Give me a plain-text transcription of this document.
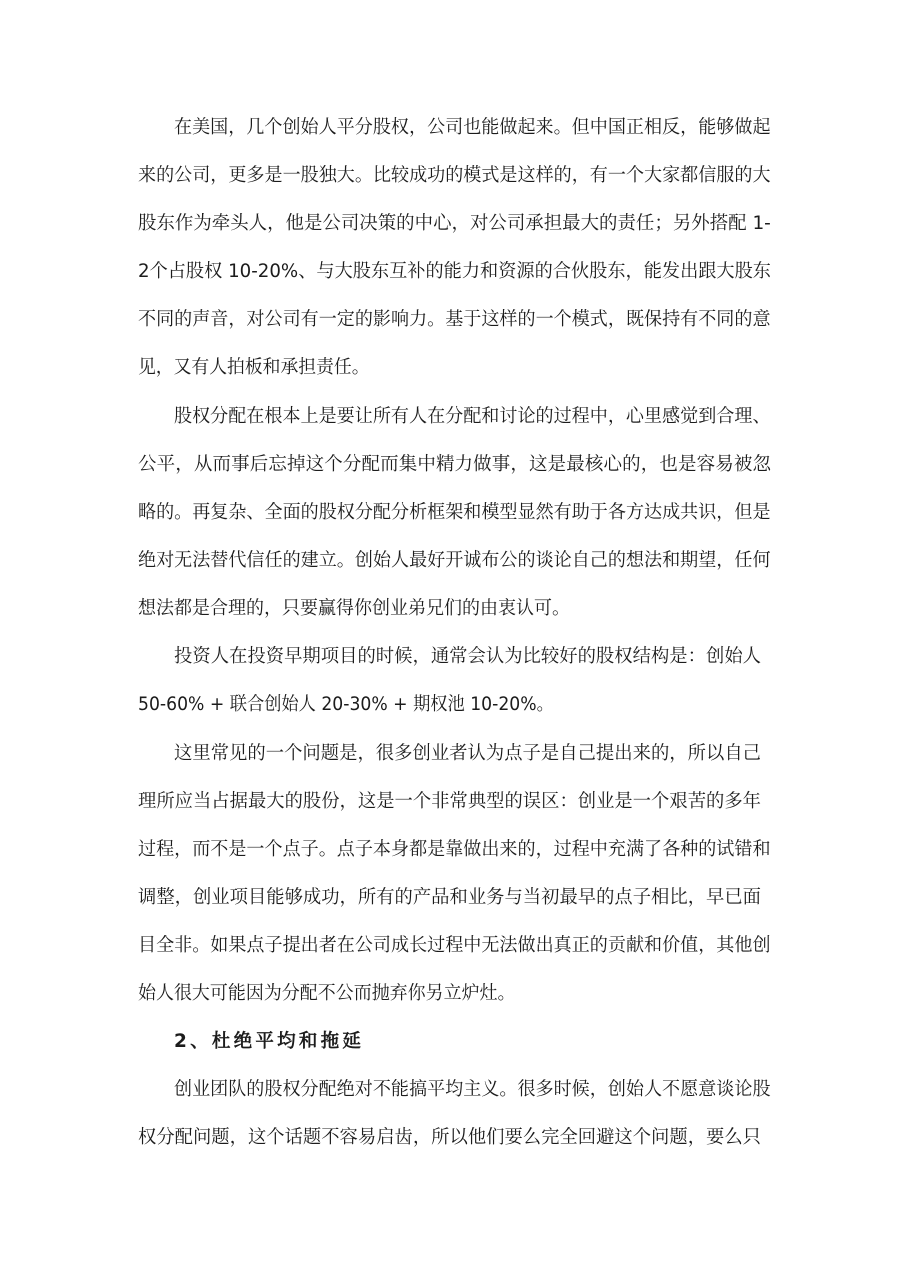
在美国，几个创始人平分股权，公司也能做起来。但中国正相反，能够做起
来的公司，更多是一股独大。比较成功的模式是这样的，有一个大家都信服的大
股东作为牵头人，他是公司决策的中心，对公司承担最大的责任；另外搭配 1-
2个占股权 10-20%、与大股东互补的能力和资源的合伙股东，能发出跟大股东
不同的声音，对公司有一定的影响力。基于这样的一个模式，既保持有不同的意
见，又有人拍板和承担责任。
股权分配在根本上是要让所有人在分配和讨论的过程中，心里感觉到合理、
公平，从而事后忘掉这个分配而集中精力做事，这是最核心的，也是容易被忽
略的。再复杂、全面的股权分配分析框架和模型显然有助于各方达成共识，但是
绝对无法替代信任的建立。创始人最好开诚布公的谈论自己的想法和期望，任何
想法都是合理的，只要赢得你创业弟兄们的由衷认可。
投资人在投资早期项目的时候，通常会认为比较好的股权结构是：创始人
50-60% + 联合创始人 20-30% + 期权池 10-20%。
这里常见的一个问题是，很多创业者认为点子是自己提出来的，所以自己
理所应当占据最大的股份，这是一个非常典型的误区：创业是一个艰苦的多年
过程，而不是一个点子。点子本身都是靠做出来的，过程中充满了各种的试错和
调整，创业项目能够成功，所有的产品和业务与当初最早的点子相比，早已面
目全非。如果点子提出者在公司成长过程中无法做出真正的贡献和价值，其他创
始人很大可能因为分配不公而抛弃你另立炉灶。
2、杜绝平均和拖延
创业团队的股权分配绝对不能搞平均主义。很多时候，创始人不愿意谈论股
权分配问题，这个话题不容易启齿，所以他们要么完全回避这个问题，要么只
